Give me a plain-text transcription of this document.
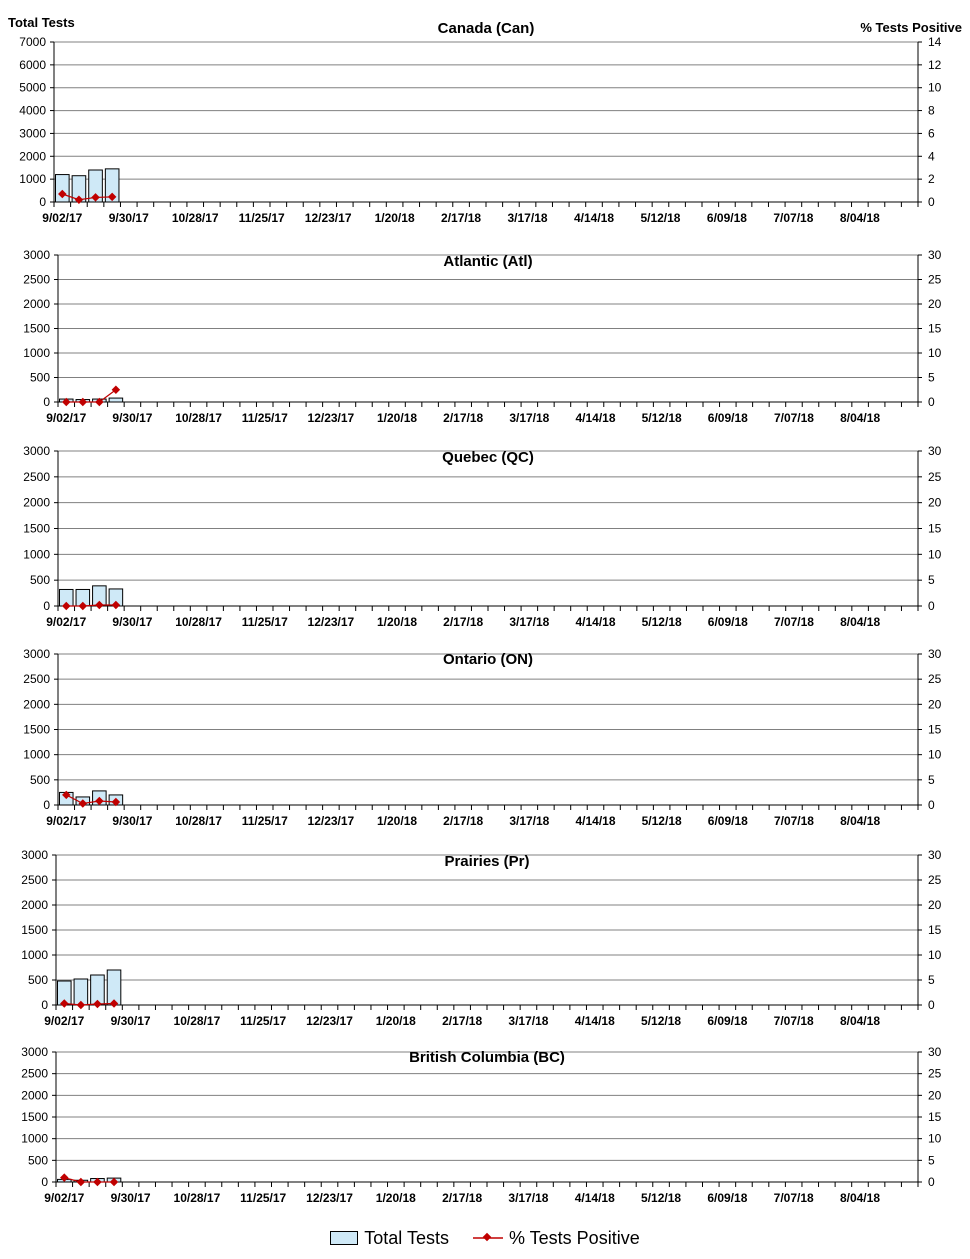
Total Tests	% Tests Positive
0
1000
2000
3000
4000
5000
6000
7000
0
2
4
6
8
10
12
14
9/02/17 9/30/17 10/28/17 11/25/17 12/23/17 1/20/18 2/17/18 3/17/18 4/14/18 5/12/18 6/09/18 7/07/18 8/04/18
Canada (Can)
0
500
1000
1500
2000
2500
3000
0
5
10
15
20
25
30
9/02/17 9/30/17 10/28/17 11/25/17 12/23/17 1/20/18 2/17/18 3/17/18 4/14/18 5/12/18 6/09/18 7/07/18 8/04/18
Atlantic (Atl)
0
500
1000
1500
2000
2500
3000
0
5
10
15
20
25
30
9/02/17 9/30/17 10/28/17 11/25/17 12/23/17 1/20/18 2/17/18 3/17/18 4/14/18 5/12/18 6/09/18 7/07/18 8/04/18
Quebec (QC)
0
500
1000
1500
2000
2500
3000
0
5
10
15
20
25
30
9/02/17 9/30/17 10/28/17 11/25/17 12/23/17 1/20/18 2/17/18 3/17/18 4/14/18 5/12/18 6/09/18 7/07/18 8/04/18
Ontario (ON)
0
500
1000
1500
2000
2500
3000
0
5
10
15
20
25
30
9/02/17 9/30/17 10/28/17 11/25/17 12/23/17 1/20/18 2/17/18 3/17/18 4/14/18 5/12/18 6/09/18 7/07/18 8/04/18
Prairies (Pr)
0
500
1000
1500
2000
2500
3000
0
5
10
15
20
25
30
9/02/17 9/30/17 10/28/17 11/25/17 12/23/17 1/20/18 2/17/18 3/17/18 4/14/18 5/12/18 6/09/18 7/07/18 8/04/18
British Columbia (BC)
Total Tests	% Tests Positive
